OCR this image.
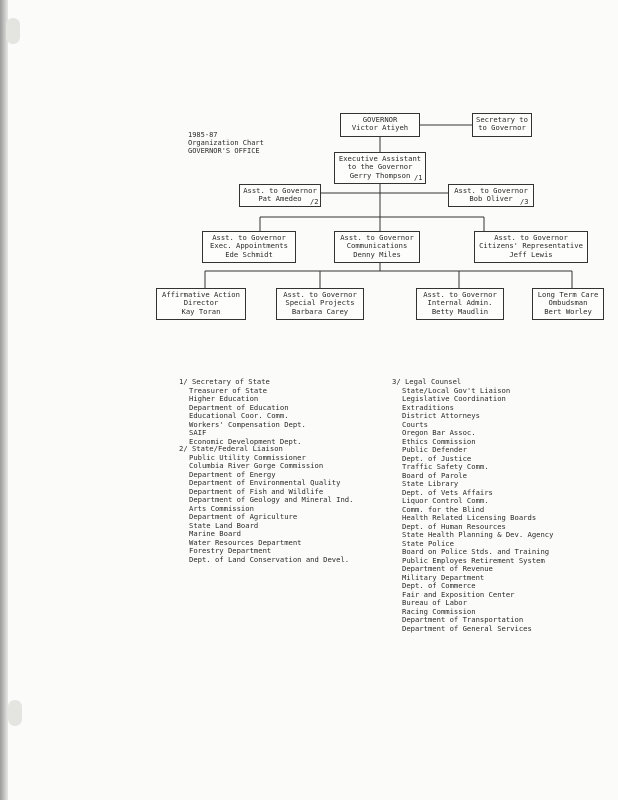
1985-87
Organization Chart
GOVERNOR'S OFFICE
GOVERNOR
Victor Atiyeh
Secretary to
to Governor
Executive Assistant
to the Governor
Gerry Thompson /1
Asst. to Governor
Pat Amedeo	/2
Asst. to Governor
Bob Oliver	/3
Asst. to Governor
Exec. Appointments
Ede Schmidt
Asst. to Governor
Communications
Denny Miles
Asst. to Governor
Citizens' Representative
Jeff Lewis
Affirmative Action
Director
Kay Toran
Asst. to Governor
Special Projects
Barbara Carey
Asst. to Governor
Internal Admin.
Betty Maudlin
Long Term Care
Ombudsman
Bert Worley
1/ Secretary of State
Treasurer of State
Higher Education
Department of Education
Educational Coor. Comm.
Workers' Compensation Dept.
SAIF
Economic Development Dept.
2/ State/Federal Liaison
Public Utility Commissioner
Columbia River Gorge Commission
Department of Energy
Department of Environmental Quality
Department of Fish and Wildlife
Department of Geology and Mineral Ind.
Arts Commission
Department of Agriculture
State Land Board
Marine Board
Water Resources Department
Forestry Department
Dept. of Land Conservation and Devel.
3/ Legal Counsel
State/Local Gov't Liaison
Legislative Coordination
Extraditions
District Attorneys
Courts
Oregon Bar Assoc.
Ethics Commission
Public Defender
Dept. of Justice
Traffic Safety Comm.
Board of Parole
State Library
Dept. of Vets Affairs
Liquor Control Comm.
Comm. for the Blind
Health Related Licensing Boards
Dept. of Human Resources
State Health Planning & Dev. Agency
State Police
Board on Police Stds. and Training
Public Employes Retirement System
Department of Revenue
Military Department
Dept. of Commerce
Fair and Exposition Center
Bureau of Labor
Racing Commission
Department of Transportation
Department of General Services
